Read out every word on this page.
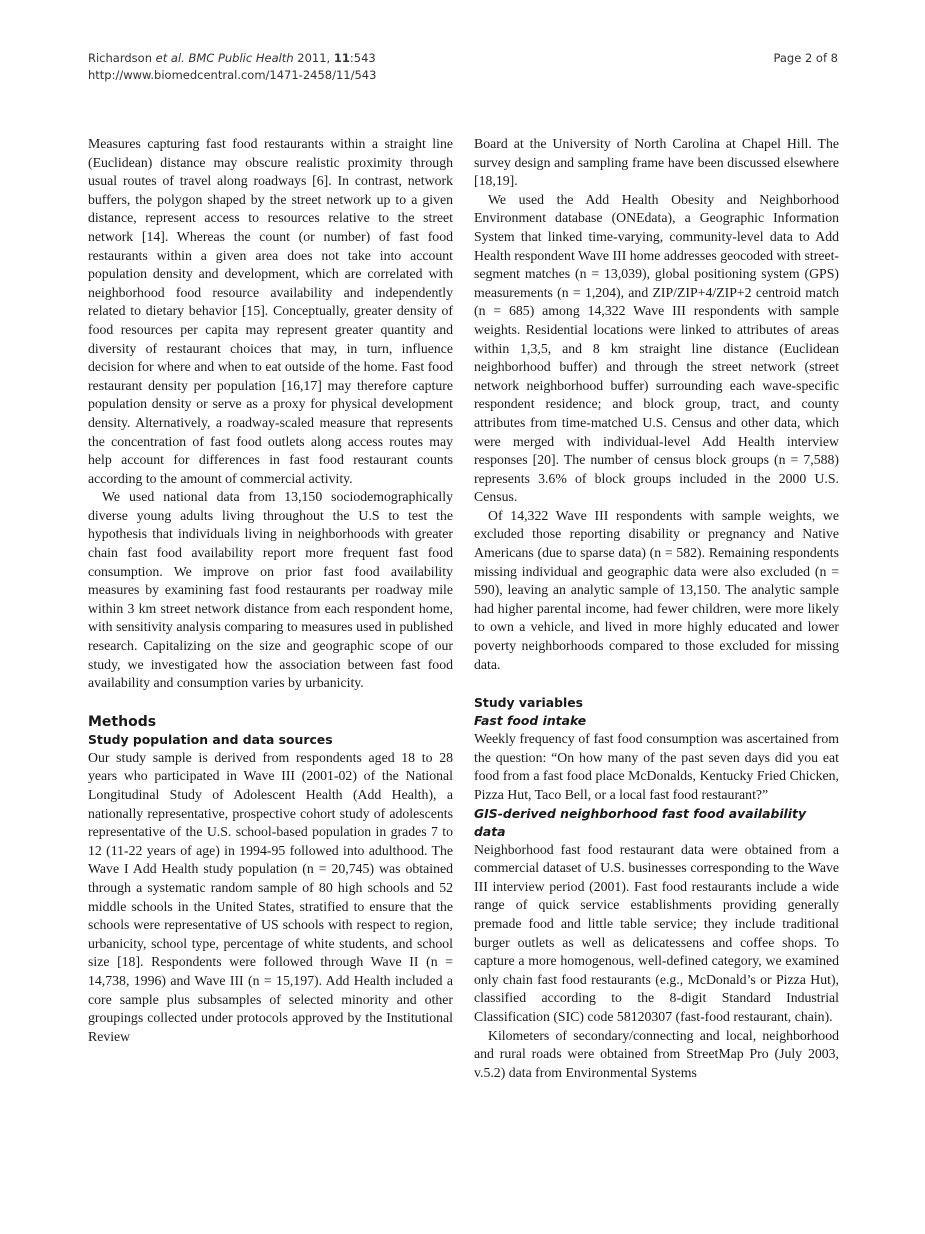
Richardson et al. BMC Public Health 2011, 11:543
http://www.biomedcentral.com/1471-2458/11/543
Page 2 of 8

Measures capturing fast food restaurants within a straight line (Euclidean) distance may obscure realistic proximity through usual routes of travel along roadways [6]. In contrast, network buffers, the polygon shaped by the street network up to a given distance, represent access to resources relative to the street network [14]. Whereas the count (or number) of fast food restaurants within a given area does not take into account population density and development, which are correlated with neighborhood food resource availability and independently related to dietary behavior [15]. Conceptually, greater density of food resources per capita may represent greater quantity and diversity of restaurant choices that may, in turn, influence decision for where and when to eat outside of the home. Fast food restaurant density per population [16,17] may therefore capture population density or serve as a proxy for physical development density. Alternatively, a roadway-scaled measure that represents the concentration of fast food outlets along access routes may help account for differences in fast food restaurant counts according to the amount of commercial activity.

We used national data from 13,150 sociodemographically diverse young adults living throughout the U.S to test the hypothesis that individuals living in neighborhoods with greater chain fast food availability report more frequent fast food consumption. We improve on prior fast food availability measures by examining fast food restaurants per roadway mile within 3 km street network distance from each respondent home, with sensitivity analysis comparing to measures used in published research. Capitalizing on the size and geographic scope of our study, we investigated how the association between fast food availability and consumption varies by urbanicity.

Methods
Study population and data sources

Our study sample is derived from respondents aged 18 to 28 years who participated in Wave III (2001-02) of the National Longitudinal Study of Adolescent Health (Add Health), a nationally representative, prospective cohort study of adolescents representative of the U.S. school-based population in grades 7 to 12 (11-22 years of age) in 1994-95 followed into adulthood. The Wave I Add Health study population (n = 20,745) was obtained through a systematic random sample of 80 high schools and 52 middle schools in the United States, stratified to ensure that the schools were representative of US schools with respect to region, urbanicity, school type, percentage of white students, and school size [18]. Respondents were followed through Wave II (n = 14,738, 1996) and Wave III (n = 15,197). Add Health included a core sample plus subsamples of selected minority and other groupings collected under protocols approved by the Institutional Review

Board at the University of North Carolina at Chapel Hill. The survey design and sampling frame have been discussed elsewhere [18,19].

We used the Add Health Obesity and Neighborhood Environment database (ONEdata), a Geographic Information System that linked time-varying, community-level data to Add Health respondent Wave III home addresses geocoded with street-segment matches (n = 13,039), global positioning system (GPS) measurements (n = 1,204), and ZIP/ZIP+4/ZIP+2 centroid match (n = 685) among 14,322 Wave III respondents with sample weights. Residential locations were linked to attributes of areas within 1,3,5, and 8 km straight line distance (Euclidean neighborhood buffer) and through the street network (street network neighborhood buffer) surrounding each wave-specific respondent residence; and block group, tract, and county attributes from time-matched U.S. Census and other data, which were merged with individual-level Add Health interview responses [20]. The number of census block groups (n = 7,588) represents 3.6% of block groups included in the 2000 U.S. Census.

Of 14,322 Wave III respondents with sample weights, we excluded those reporting disability or pregnancy and Native Americans (due to sparse data) (n = 582). Remaining respondents missing individual and geographic data were also excluded (n = 590), leaving an analytic sample of 13,150. The analytic sample had higher parental income, had fewer children, were more likely to own a vehicle, and lived in more highly educated and lower poverty neighborhoods compared to those excluded for missing data.

Study variables
Fast food intake

Weekly frequency of fast food consumption was ascertained from the question: “On how many of the past seven days did you eat food from a fast food place McDonalds, Kentucky Fried Chicken, Pizza Hut, Taco Bell, or a local fast food restaurant?”

GIS-derived neighborhood fast food availability data

Neighborhood fast food restaurant data were obtained from a commercial dataset of U.S. businesses corresponding to the Wave III interview period (2001). Fast food restaurants include a wide range of quick service establishments providing generally premade food and little table service; they include traditional burger outlets as well as delicatessens and coffee shops. To capture a more homogenous, well-defined category, we examined only chain fast food restaurants (e.g., McDonald’s or Pizza Hut), classified according to the 8-digit Standard Industrial Classification (SIC) code 58120307 (fast-food restaurant, chain).

Kilometers of secondary/connecting and local, neighborhood and rural roads were obtained from StreetMap Pro (July 2003, v.5.2) data from Environmental Systems
